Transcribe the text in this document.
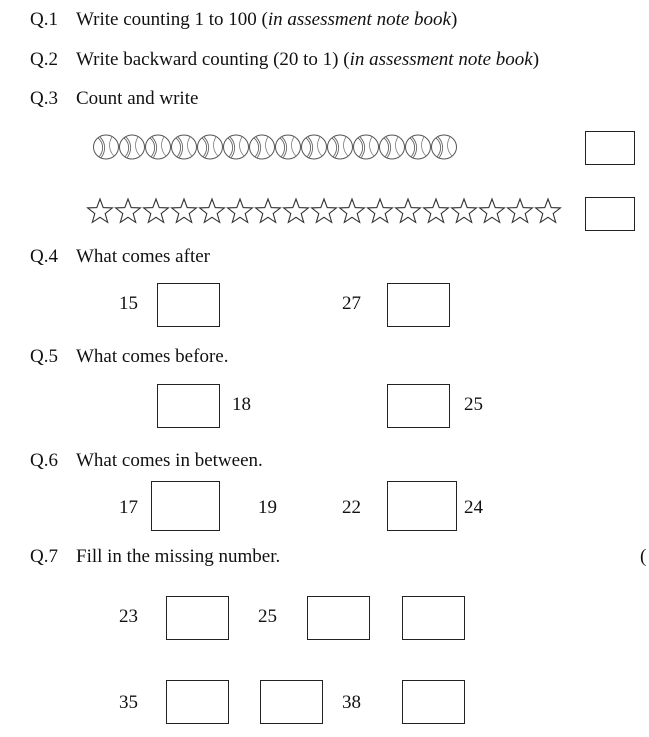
Q.1 Write counting 1 to 100 (in assessment note book)
Q.2 Write backward counting (20 to 1) (in assessment note book)
Q.3 Count and write
Q.4 What comes after
15	27
Q.5 What comes before.
18	25
Q.6 What comes in between.
17	19	22	24
Q.7 Fill in the missing number.	(
23	25
35	38
